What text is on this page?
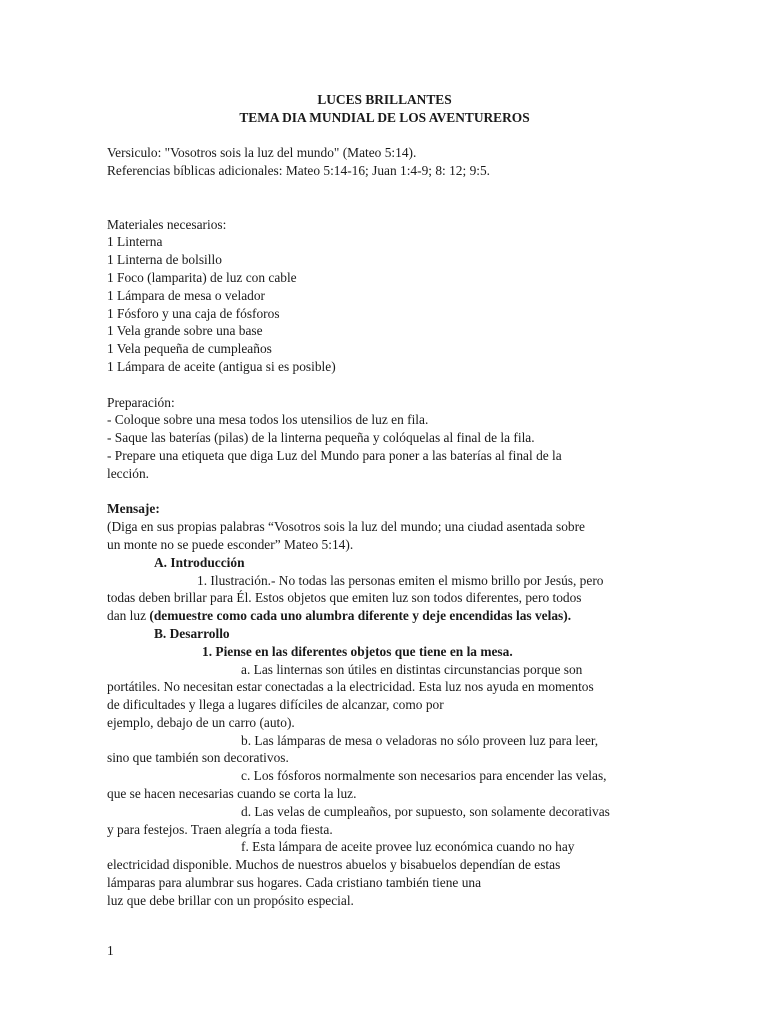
LUCES BRILLANTES
TEMA DIA MUNDIAL DE LOS AVENTUREROS
Versiculo: "Vosotros sois la luz del mundo" (Mateo 5:14).
Referencias bíblicas adicionales: Mateo 5:14-16; Juan 1:4-9; 8: 12; 9:5.
Materiales necesarios:
1 Linterna
1 Linterna de bolsillo
1 Foco (lamparita) de luz con cable
1 Lámpara de mesa o velador
1 Fósforo y una caja de fósforos
1 Vela grande sobre una base
1 Vela pequeña de cumpleaños
1 Lámpara de aceite (antigua si es posible)
Preparación:
- Coloque sobre una mesa todos los utensilios de luz en fila.
- Saque las baterías (pilas) de la linterna pequeña y colóquelas al final de la fila.
- Prepare una etiqueta que diga Luz del Mundo para poner a las baterías al final de la
lección.
Mensaje:
(Diga en sus propias palabras “Vosotros sois la luz del mundo; una ciudad asentada sobre
un monte no se puede esconder” Mateo 5:14).
A. Introducción
1. Ilustración.- No todas las personas emiten el mismo brillo por Jesús, pero
todas deben brillar para Él. Estos objetos que emiten luz son todos diferentes, pero todos
dan luz (demuestre como cada uno alumbra diferente y deje encendidas las velas).
B. Desarrollo
1. Piense en las diferentes objetos que tiene en la mesa.
a. Las linternas son útiles en distintas circunstancias porque son
portátiles. No necesitan estar conectadas a la electricidad. Esta luz nos ayuda en momentos
de dificultades y llega a lugares difíciles de alcanzar, como por
ejemplo, debajo de un carro (auto).
b. Las lámparas de mesa o veladoras no sólo proveen luz para leer,
sino que también son decorativos.
c. Los fósforos normalmente son necesarios para encender las velas,
que se hacen necesarias cuando se corta la luz.
d. Las velas de cumpleaños, por supuesto, son solamente decorativas
y para festejos. Traen alegría a toda fiesta.
f. Esta lámpara de aceite provee luz económica cuando no hay
electricidad disponible. Muchos de nuestros abuelos y bisabuelos dependían de estas
lámparas para alumbrar sus hogares. Cada cristiano también tiene una
luz que debe brillar con un propósito especial.
1
